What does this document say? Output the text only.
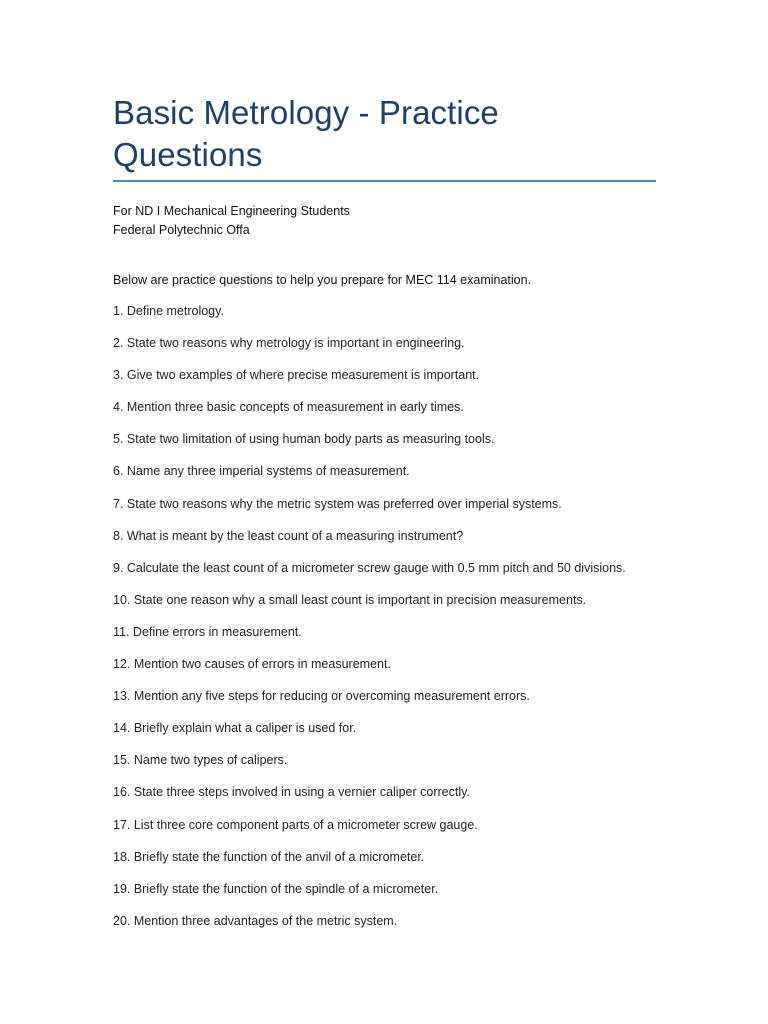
Basic Metrology - Practice
Questions

For ND I Mechanical Engineering Students
Federal Polytechnic Offa

Below are practice questions to help you prepare for MEC 114 examination.

1. Define metrology.
2. State two reasons why metrology is important in engineering.
3. Give two examples of where precise measurement is important.
4. Mention three basic concepts of measurement in early times.
5. State two limitation of using human body parts as measuring tools.
6. Name any three imperial systems of measurement.
7. State two reasons why the metric system was preferred over imperial systems.
8. What is meant by the least count of a measuring instrument?
9. Calculate the least count of a micrometer screw gauge with 0.5 mm pitch and 50 divisions.
10. State one reason why a small least count is important in precision measurements.
11. Define errors in measurement.
12. Mention two causes of errors in measurement.
13. Mention any five steps for reducing or overcoming measurement errors.
14. Briefly explain what a caliper is used for.
15. Name two types of calipers.
16. State three steps involved in using a vernier caliper correctly.
17. List three core component parts of a micrometer screw gauge.
18. Briefly state the function of the anvil of a micrometer.
19. Briefly state the function of the spindle of a micrometer.
20. Mention three advantages of the metric system.
